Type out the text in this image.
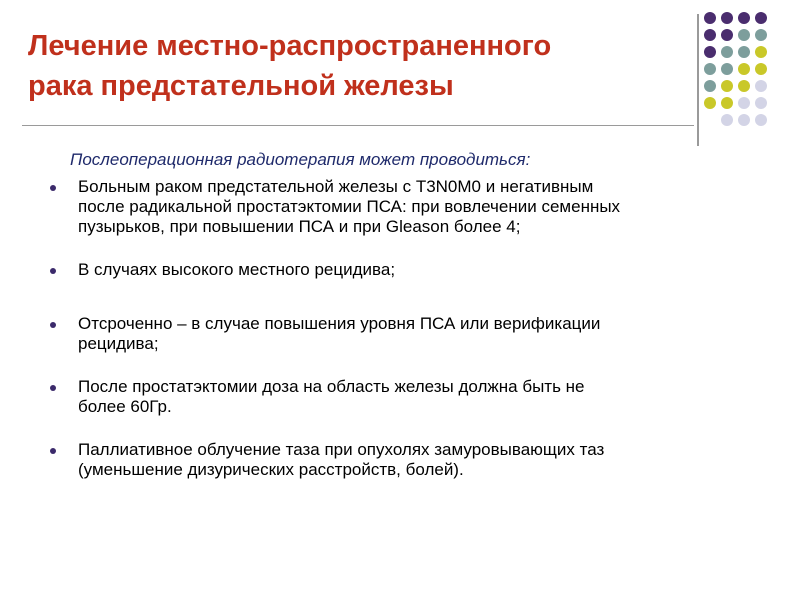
Лечение местно-распространенного
рака предстательной железы
Послеоперационная радиотерапия может проводиться:
Больным раком предстательной железы с T3N0M0 и негативным
после радикальной простатэктомии ПСА: при вовлечении семенных
пузырьков, при повышении ПСА и при Gleason более 4;
В случаях высокого местного рецидива;
Отсроченно – в случае повышения уровня ПСА или верификации
рецидива;
После простатэктомии доза на область железы должна быть не
более 60Гр.
Паллиативное облучение таза при опухолях замуровывающих таз
(уменьшение дизурических расстройств, болей).
